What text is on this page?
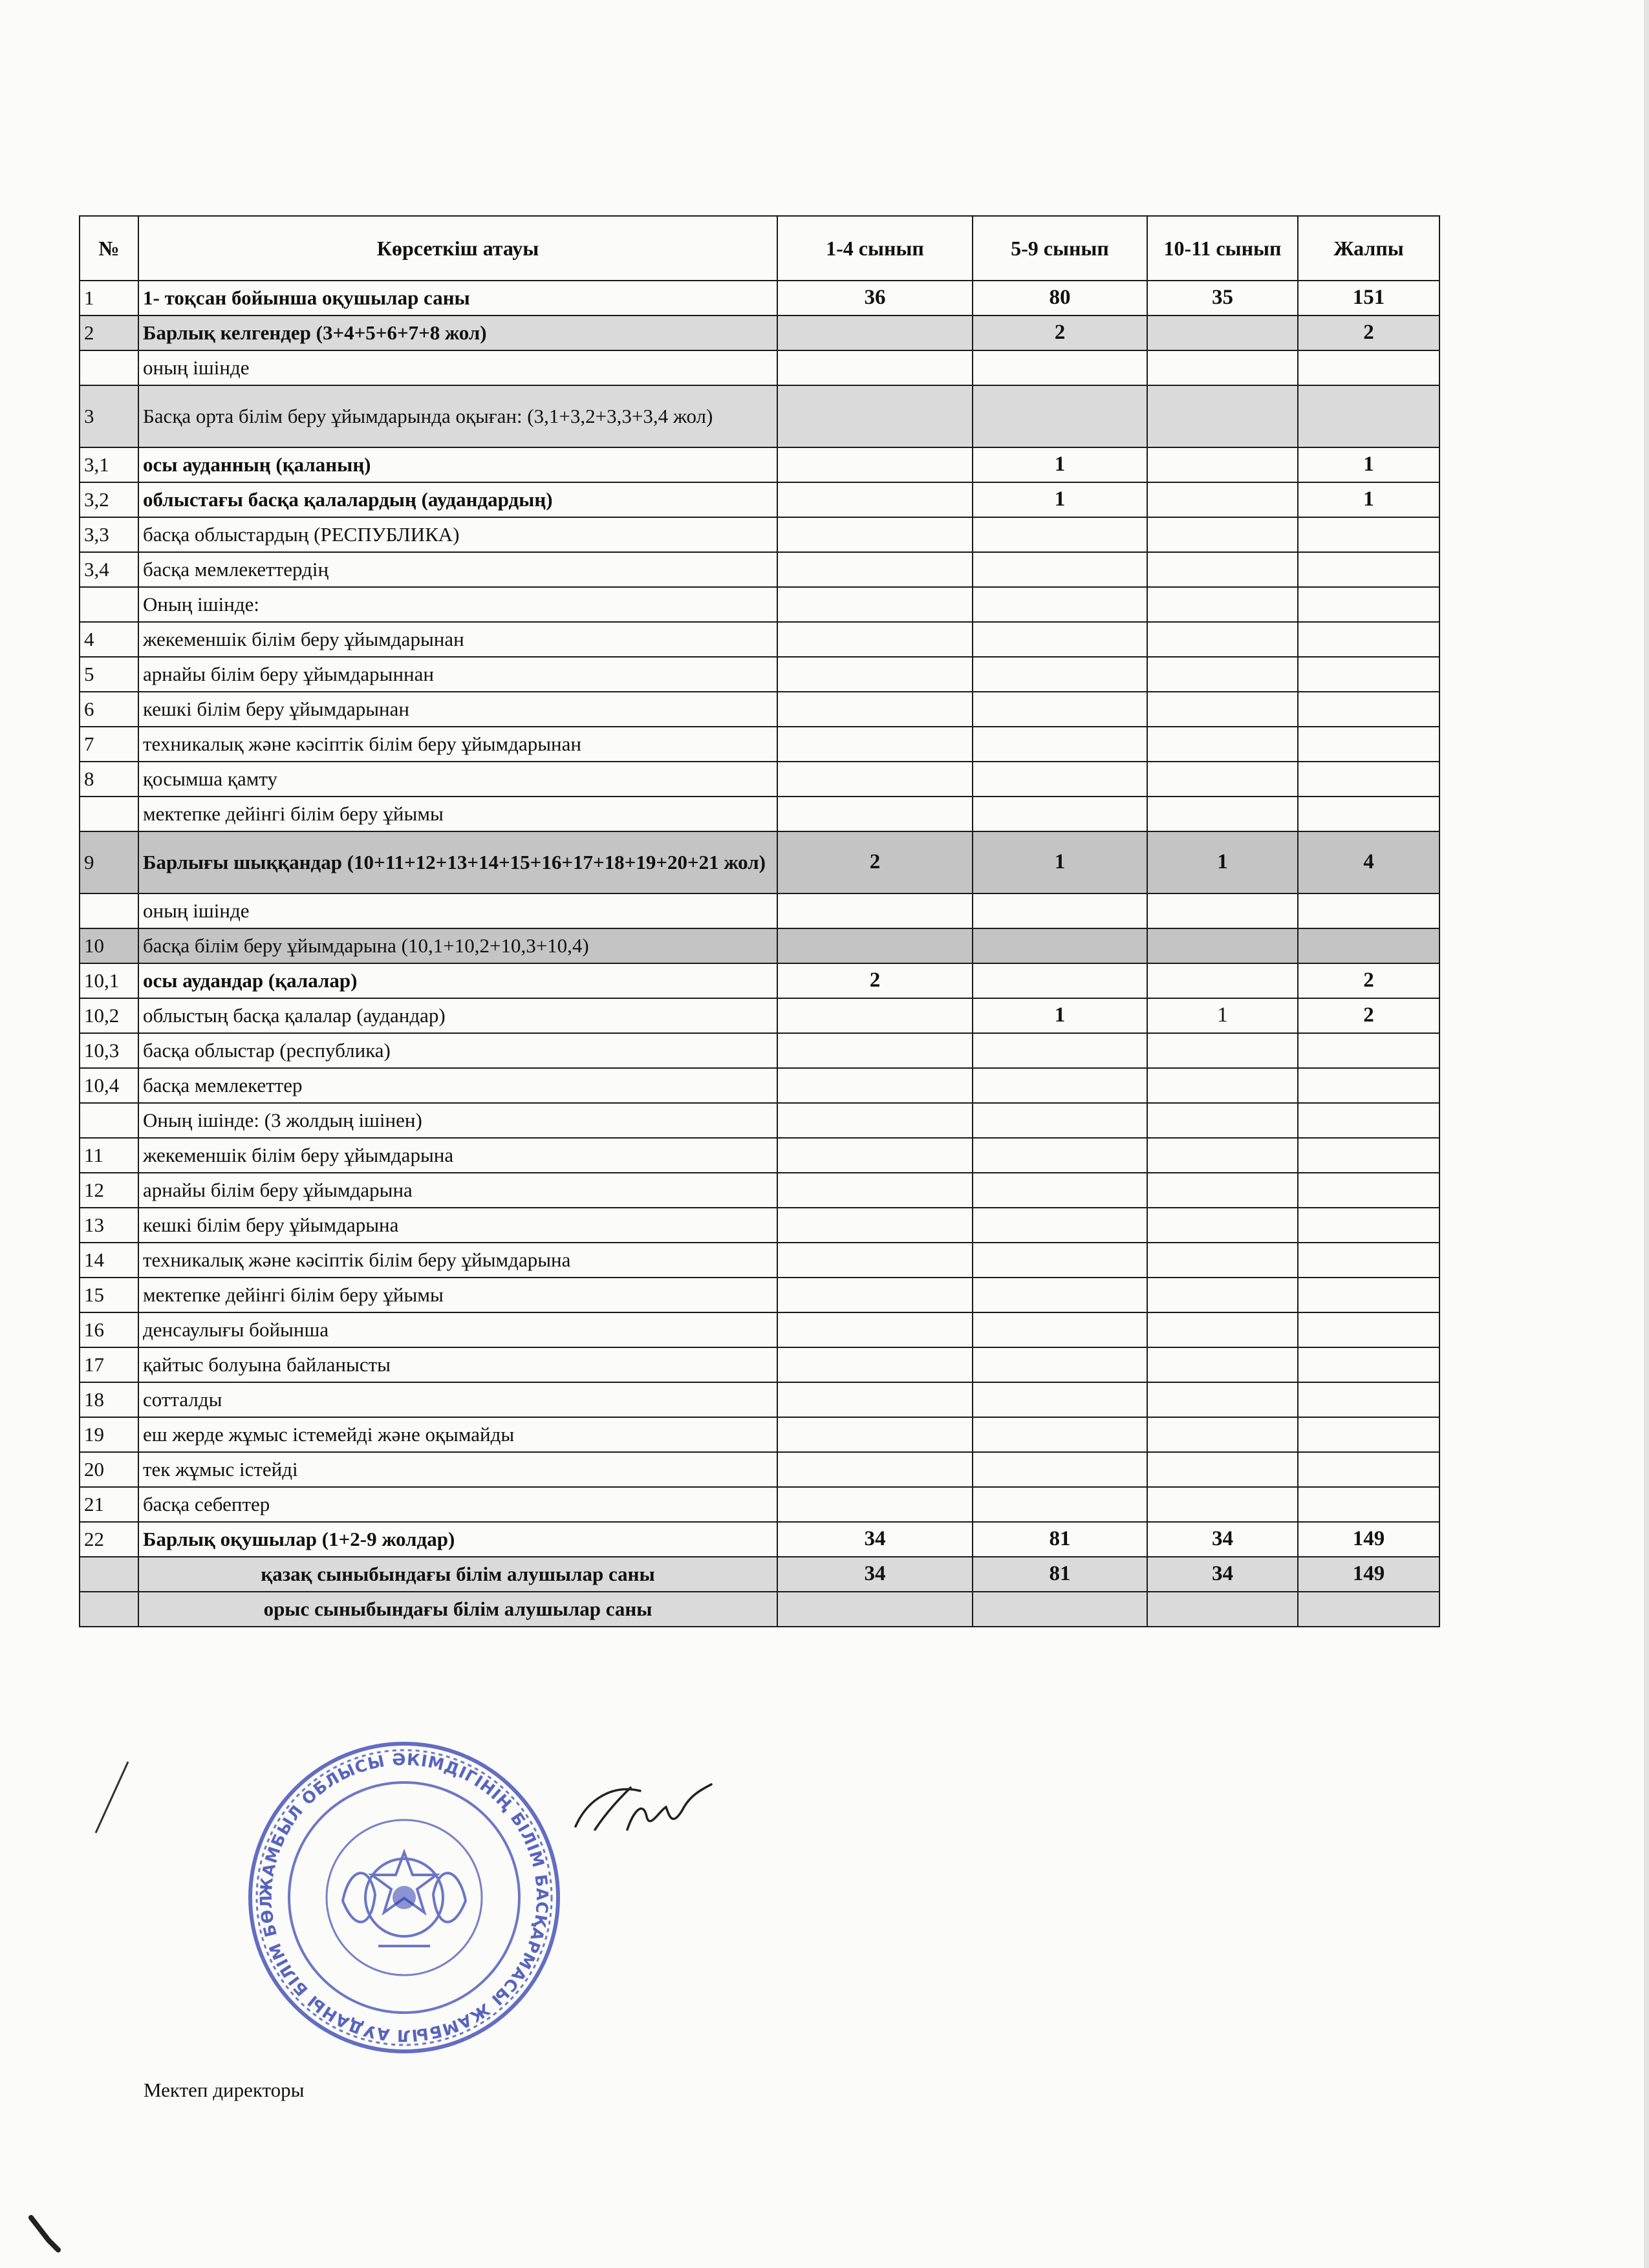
№	Көрсеткіш атауы	1-4 сынып	5-9 сынып	10-11 сынып	Жалпы
1	1- тоқсан бойынша оқушылар саны	36	80	35	151
2	Барлық келгендер (3+4+5+6+7+8 жол)		2		2
	оның ішінде				
3	Басқа орта білім беру ұйымдарында оқыған: (3,1+3,2+3,3+3,4 жол)				
3,1	осы ауданның (қаланың)		1		1
3,2	облыстағы басқа қалалардың (аудандардың)		1		1
3,3	басқа облыстардың (РЕСПУБЛИКА)				
3,4	басқа мемлекеттердің				
	Оның ішінде:				
4	жекеменшік білім беру ұйымдарынан				
5	арнайы білім беру ұйымдарыннан				
6	кешкі білім беру ұйымдарынан				
7	техникалық және кәсіптік білім беру ұйымдарынан				
8	қосымша қамту				
	мектепке дейінгі білім беру ұйымы				
9	Барлығы шыққандар (10+11+12+13+14+15+16+17+18+19+20+21 жол)	2	1	1	4
	оның ішінде				
10	басқа білім беру ұйымдарына (10,1+10,2+10,3+10,4)				
10,1	осы аудандар (қалалар)	2			2
10,2	облыстың басқа қалалар (аудандар)		1	1	2
10,3	басқа облыстар (республика)				
10,4	басқа мемлекеттер				
	Оның ішінде: (3 жолдың ішінен)				
11	жекеменшік білім беру ұйымдарына				
12	арнайы білім беру ұйымдарына				
13	кешкі білім беру ұйымдарына				
14	техникалық және кәсіптік білім беру ұйымдарына				
15	мектепке дейінгі білім беру ұйымы				
16	денсаулығы бойынша				
17	қайтыс болуына байланысты				
18	сотталды				
19	еш жерде жұмыс істемейді және оқымайды				
20	тек жұмыс істейді				
21	басқа себептер				
22	Барлық оқушылар (1+2-9 жолдар)	34	81	34	149
	қазақ сыныбындағы білім алушылар саны	34	81	34	149
	орыс сыныбындағы білім алушылар саны				
Мектеп директоры
ЖАМБЫЛ ОБЛЫСЫ ӘКІМДІГІНІҢ БІЛІМ БАСҚАРМАСЫ ЖАМБЫЛ АУДАНЫ БІЛІМ БӨЛ
